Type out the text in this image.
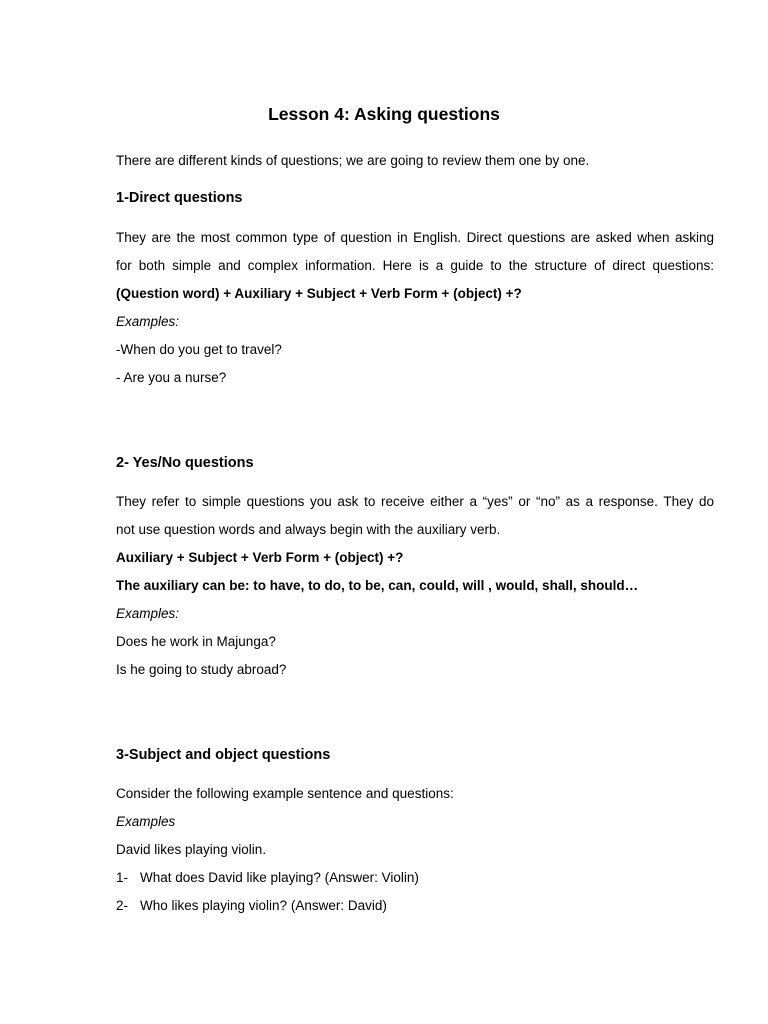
Lesson 4: Asking questions
There are different kinds of questions; we are going to review them one by one.
1-Direct questions
They are the most common type of question in English. Direct questions are asked when asking
for both simple and complex information. Here is a guide to the structure of direct questions:
(Question word) + Auxiliary + Subject + Verb Form + (object) +?
Examples:
-When do you get to travel?
- Are you a nurse?
2- Yes/No questions
They refer to simple questions you ask to receive either a “yes” or “no” as a response. They do
not use question words and always begin with the auxiliary verb.
Auxiliary + Subject + Verb Form + (object) +?
The auxiliary can be: to have, to do, to be, can, could, will , would, shall, should…
Examples:
Does he work in Majunga?
Is he going to study abroad?
3-Subject and object questions
Consider the following example sentence and questions:
Examples
David likes playing violin.
1- What does David like playing? (Answer: Violin)
2- Who likes playing violin? (Answer: David)
